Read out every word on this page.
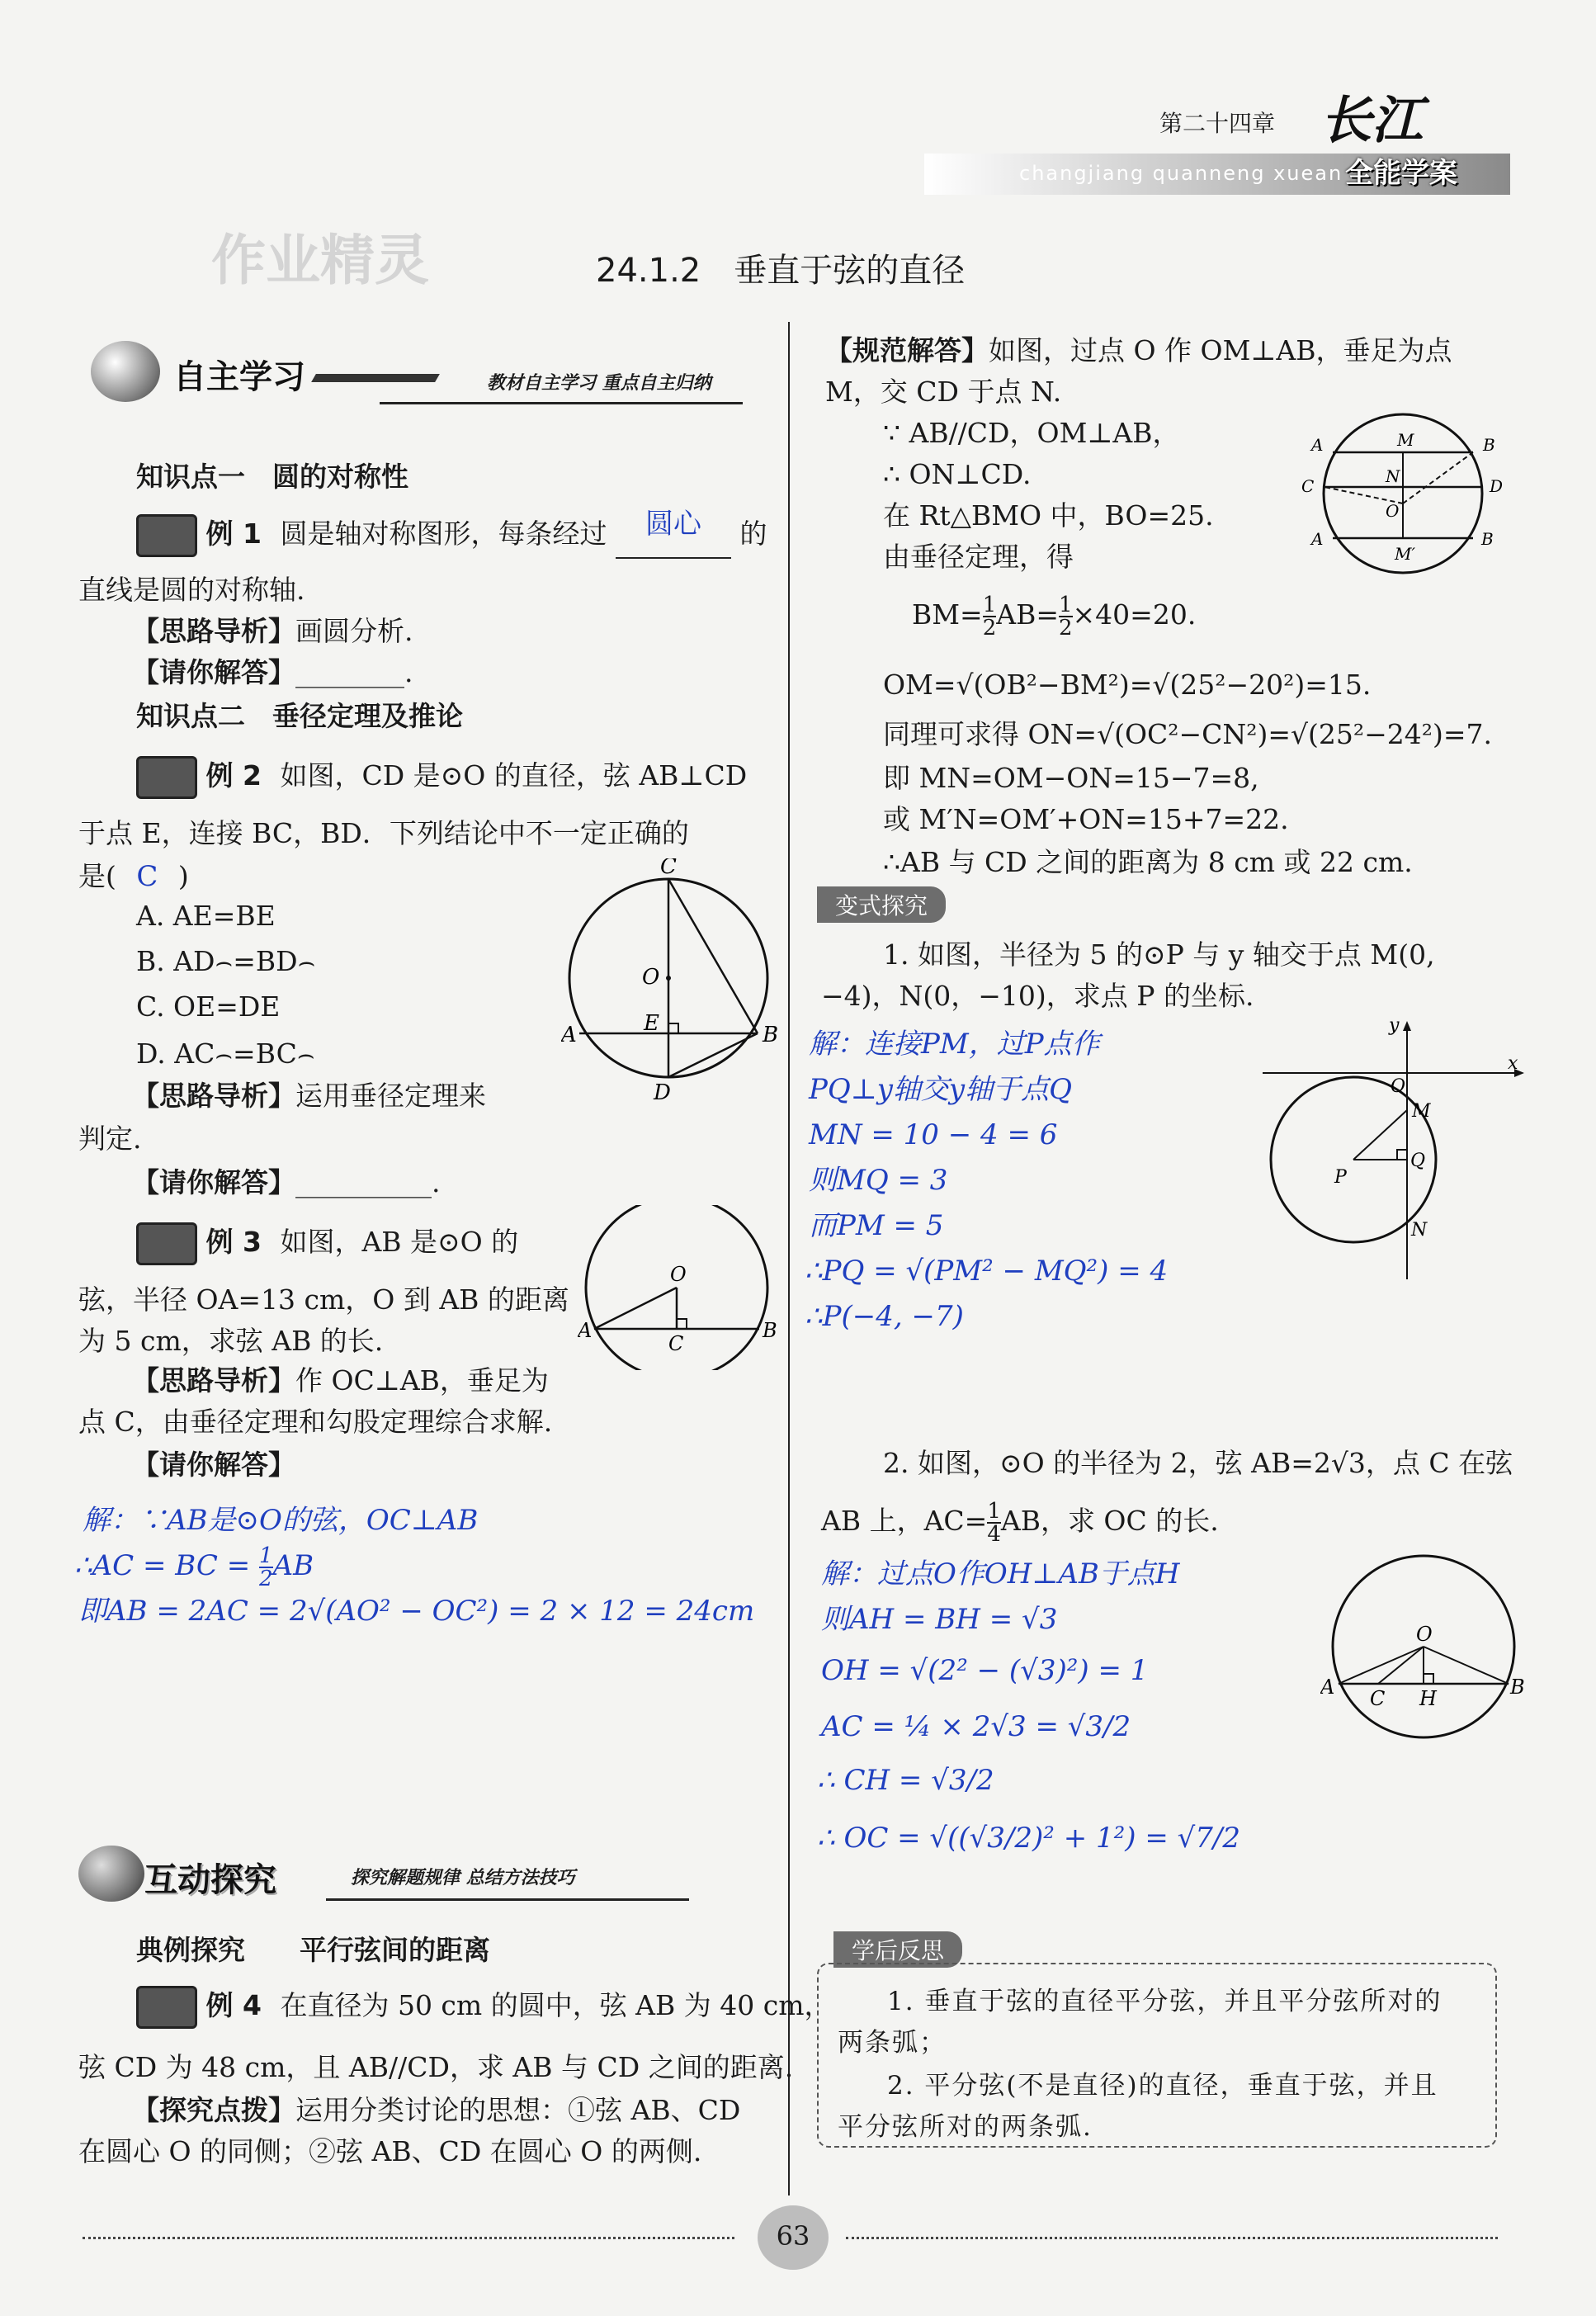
第二十四章
changjiang quanneng xuean
长江
全能学案
作业精灵	24.1.2　垂直于弦的直径
自主学习	教材自主学习 重点自主归纳
知识点一　圆的对称性
例 1 圆是轴对称图形，每条经过 圆心 的
直线是圆的对称轴.
【思路导析】画圆分析.
【请你解答】________.
知识点二　垂径定理及推论
例 2 如图，CD 是⊙O 的直径，弦 AB⊥CD
于点 E，连接 BC，BD．下列结论中不一定正确的
是( C )
A. AE=BE
B. AD⌢=BD⌢
C. OE=DE
D. AC⌢=BC⌢
C
O
E
A	B
D
【思路导析】运用垂径定理来
判定.
【请你解答】__________.
例 3 如图，AB 是⊙O 的
弦，半径 OA=13 cm，O 到 AB 的距离
为 5 cm，求弦 AB 的长.
O
A	B
C
【思路导析】作 OC⊥AB，垂足为
点 C，由垂径定理和勾股定理综合求解.
【请你解答】
解：∵AB是⊙O的弦，OC⊥AB
∴AC = BC = $\frac{1}{2}$ AB
即AB = 2AC = 2√(AO² − OC²) = 2 × 12 = 24cm
互动探究	探究解题规律 总结方法技巧
典例探究　　平行弦间的距离
例 4 在直径为 50 cm 的圆中，弦 AB 为 40 cm，
弦 CD 为 48 cm，且 AB//CD，求 AB 与 CD 之间的距离.
【探究点拨】运用分类讨论的思想：①弦 AB、CD
在圆心 O 的同侧；②弦 AB、CD 在圆心 O 的两侧.
【规范解答】如图，过点 O 作 OM⊥AB，垂足为点
M，交 CD 于点 N.
∵ AB//CD，OM⊥AB，
∴ ON⊥CD.
在 Rt△BMO 中，BO=25.
由垂径定理，得
$BM= \frac{1}{2} AB= \frac{1}{2} \times 40=20$.
OM=√(OB²−BM²)=√(25²−20²)=15.
同理可求得 ON=√(OC²−CN²)=√(25²−24²)=7.
即 MN=OM−ON=15−7=8,
或 M′N=OM′+ON=15+7=22.
∴AB 与 CD 之间的距离为 8 cm 或 22 cm.
A	M	B
C	N	D
O
A
M′
B
变式探究
1. 如图，半径为 5 的⊙P 与 y 轴交于点 M(0,
−4)，N(0，−10)，求点 P 的坐标.
解：连接PM，过P点作
PQ⊥y轴交y轴于点Q
MN = 10 − 4 = 6
则MQ = 3
而PM = 5
∴PQ = √(PM² − MQ²) = 4
∴P(−4, −7)
y
x
O
M
P
Q
N
2. 如图，⊙O 的半径为 2，弦 AB=2√3，点 C 在弦
AB 上，$AC= \frac{1}{4}$ AB，求 OC 的长.
解：过点O作OH⊥AB于点H
则AH = BH = √3
OH = √(2² − (√3)²) = 1
AC = ¼ × 2√3 = √3/2
∴ CH = √3/2
∴ OC = √((√3/2)² + 1²) = √7/2
O
A C H	B
学后反思
1. 垂直于弦的直径平分弦，并且平分弦所对的
两条弧；
2. 平分弦(不是直径)的直径，垂直于弦，并且
平分弦所对的两条弧.
63
